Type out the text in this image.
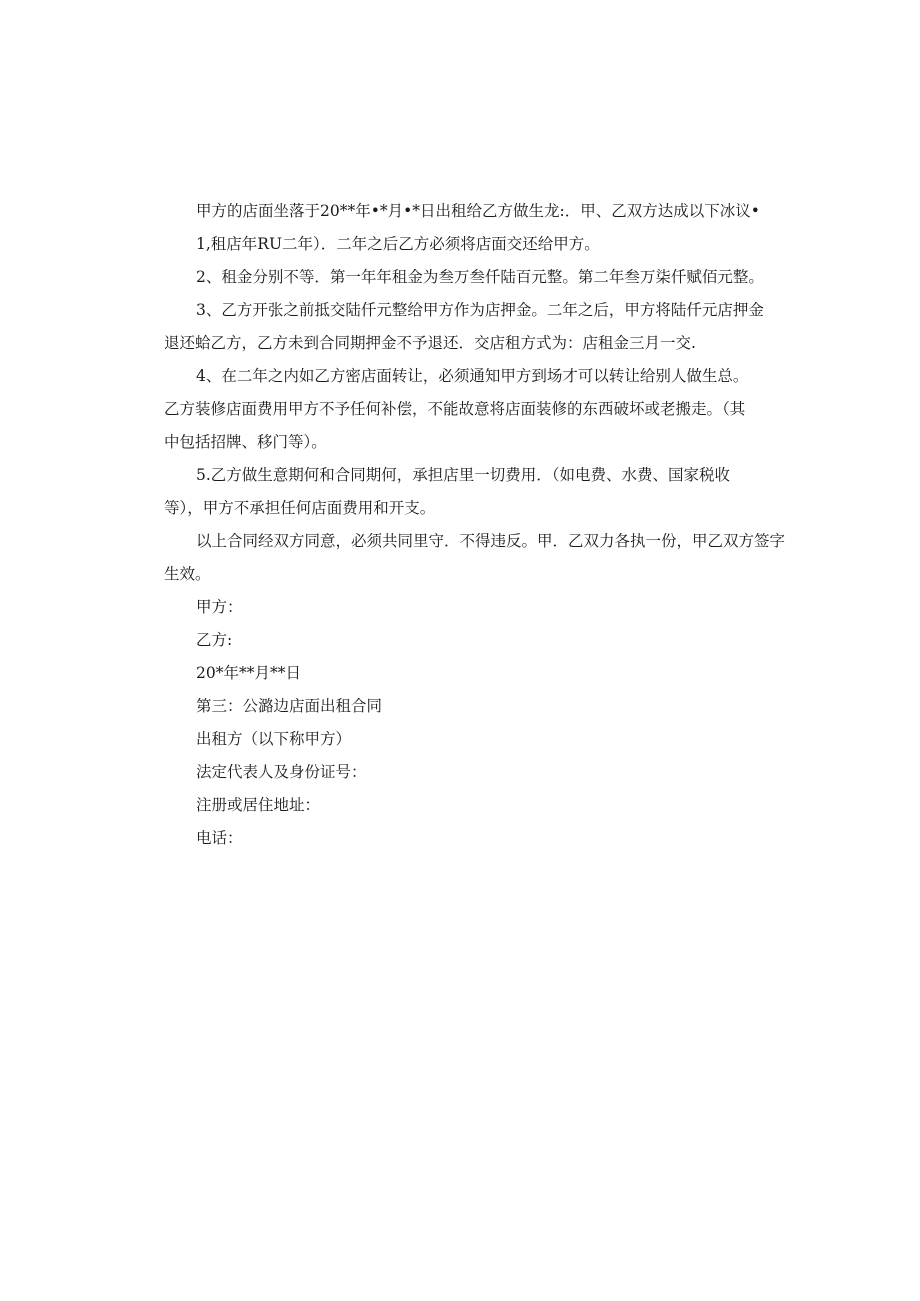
甲方的店面坐落于20**年•*月•*日出租给乙方做生龙:．甲、乙双方达成以下冰议•
1,租店年RU二年）．二年之后乙方必须将店面交还给甲方。
2、租金分别不等．第一年年租金为叁万叁仟陆百元整。第二年叁万柒仟赋佰元整。
3、乙方开张之前抵交陆仟元整给甲方作为店押金。二年之后，甲方将陆仟元店押金
退还蛤乙方，乙方未到合同期押金不予退还．交店租方式为：店租金三月一交.
4、在二年之内如乙方密店面转让，必须通知甲方到场才可以转让给别人做生总。
乙方装修店面费用甲方不予任何补偿，不能故意将店面装修的东西破坏或老搬走。（其
中包括招牌、移门等）。
5.乙方做生意期何和合同期何，承担店里一切费用．（如电费、水费、国家税收
等），甲方不承担任何店面费用和开支。
以上合同经双方同意，必须共同里守．不得违反。甲．乙双力各执一份，甲乙双方签字
生效。
甲方：
乙方:
20*年**月**日
第三：公潞边店面出租合同
出租方（以下称甲方）
法定代表人及身份证号：
注册或居住地址：
电话：
